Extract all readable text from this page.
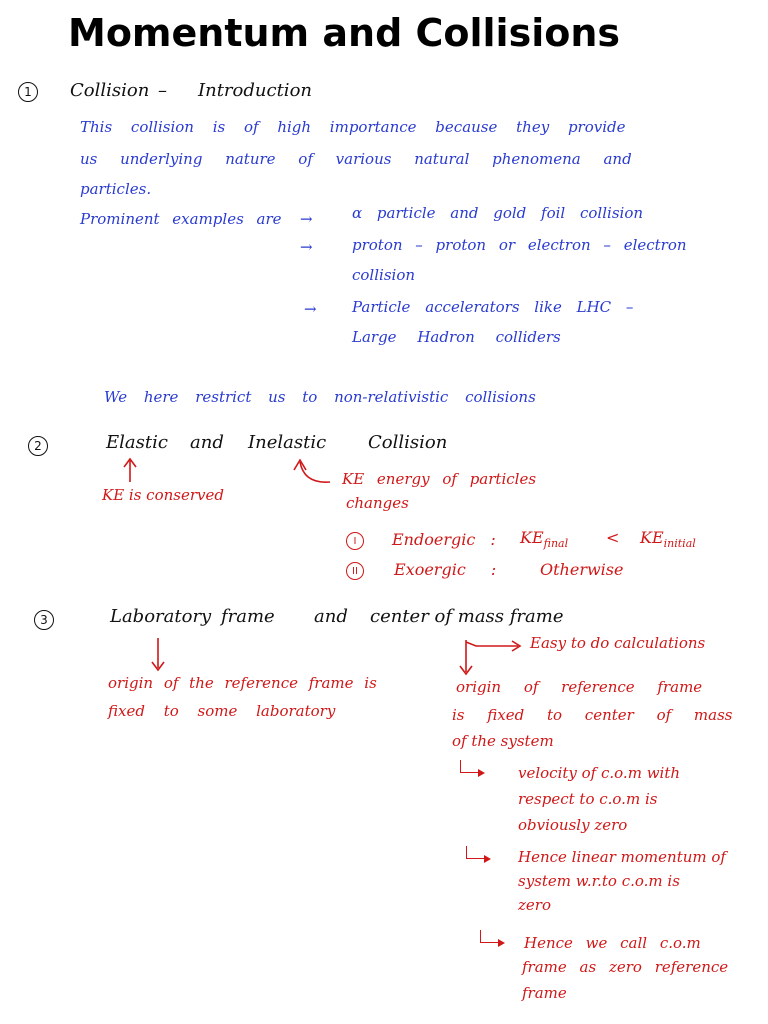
Momentum and Collisions
1	Collision – Introduction
This collision is of high importance because they provide
us underlying nature of various natural phenomena and
particles.
Prominent examples are →	α particle and gold foil collision
→	proton – proton or electron – electron
collision
→ Particle accelerators like LHC –
Large Hadron colliders
We here restrict us to non-relativistic collisions
2	Elastic and Inelastic Collision
KE is conserved
KE energy of particles
changes
I	Endoergic : $KE_{final} < KE_{initial}$
II	Exoergic :	Otherwise
3	Laboratory frame and center of mass frame
Easy to do calculations
origin of the reference frame is
fixed to some laboratory
origin of reference frame
is fixed to center of mass
of the system
velocity of c.o.m with
respect to c.o.m is
obviously zero
Hence linear momentum of
system w.r.to c.o.m is
zero
Hence we call c.o.m
frame as zero reference
frame
